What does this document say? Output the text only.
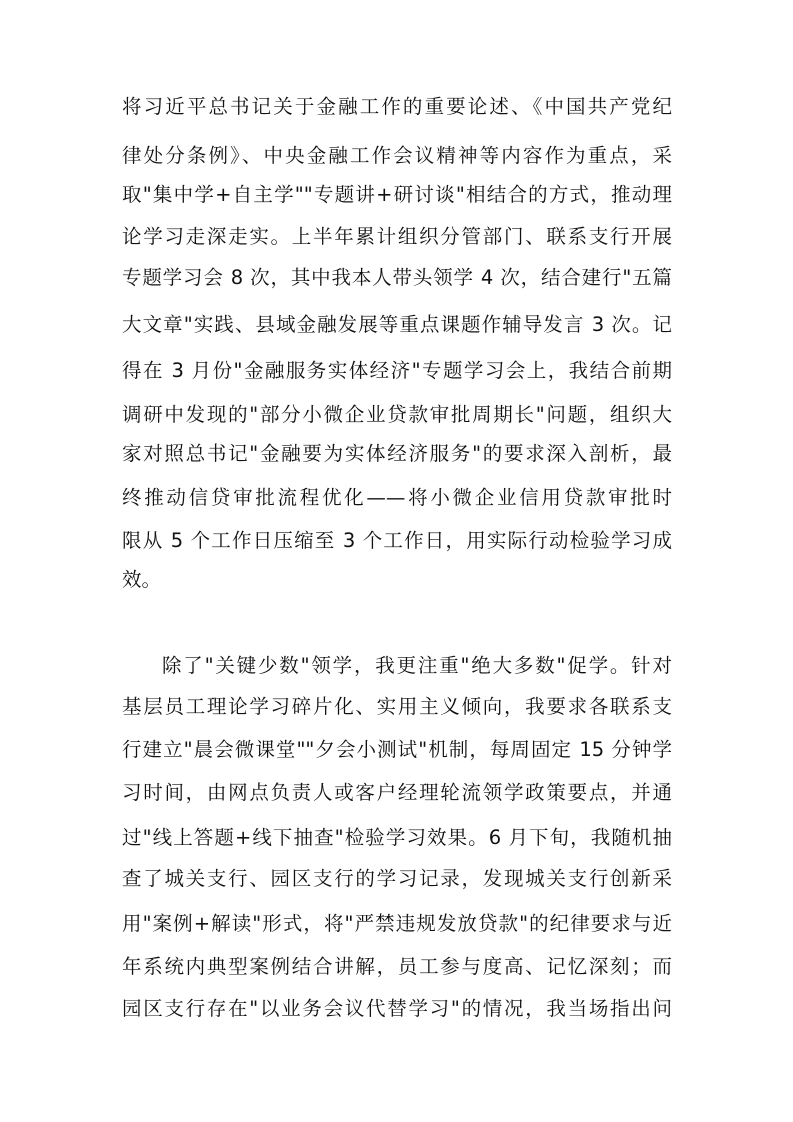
将习近平总书记关于金融工作的重要论述、《中国共产党纪
律处分条例》、中央金融工作会议精神等内容作为重点，采
取"集中学+自主学""专题讲+研讨谈"相结合的方式，推动理
论学习走深走实。上半年累计组织分管部门、联系支行开展
专题学习会 8 次，其中我本人带头领学 4 次，结合建行"五篇
大文章"实践、县域金融发展等重点课题作辅导发言 3 次。记
得在 3 月份"金融服务实体经济"专题学习会上，我结合前期
调研中发现的"部分小微企业贷款审批周期长"问题，组织大
家对照总书记"金融要为实体经济服务"的要求深入剖析，最
终推动信贷审批流程优化——将小微企业信用贷款审批时
限从 5 个工作日压缩至 3 个工作日，用实际行动检验学习成
效。
除了"关键少数"领学，我更注重"绝大多数"促学。针对
基层员工理论学习碎片化、实用主义倾向，我要求各联系支
行建立"晨会微课堂""夕会小测试"机制，每周固定 15 分钟学
习时间，由网点负责人或客户经理轮流领学政策要点，并通
过"线上答题+线下抽查"检验学习效果。6 月下旬，我随机抽
查了城关支行、园区支行的学习记录，发现城关支行创新采
用"案例+解读"形式，将"严禁违规发放贷款"的纪律要求与近
年系统内典型案例结合讲解，员工参与度高、记忆深刻；而
园区支行存在"以业务会议代替学习"的情况，我当场指出问
